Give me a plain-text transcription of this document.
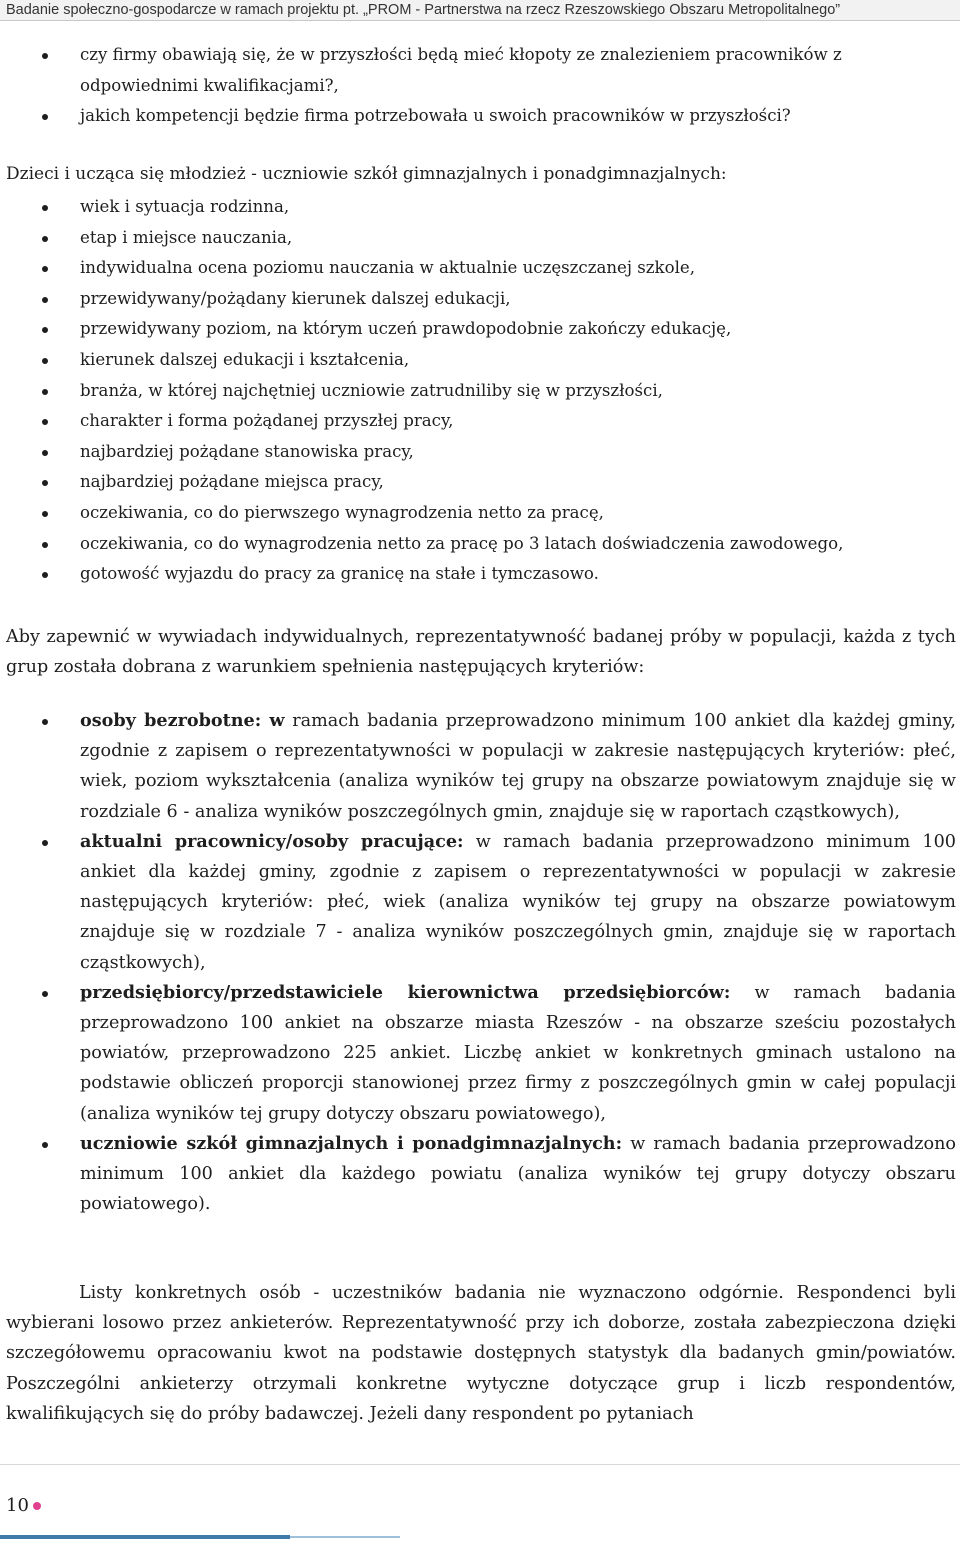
Badanie społeczno-gospodarcze w ramach projektu pt. „PROM - Partnerstwa na rzecz Rzeszowskiego Obszaru Metropolitalnego”
czy firmy obawiają się, że w przyszłości będą mieć kłopoty ze znalezieniem pracowników z odpowiednimi kwalifikacjami?,
jakich kompetencji będzie firma potrzebowała u swoich pracowników w przyszłości?
Dzieci i ucząca się młodzież - uczniowie szkół gimnazjalnych i ponadgimnazjalnych:
wiek i sytuacja rodzinna,
etap i miejsce nauczania,
indywidualna ocena poziomu nauczania w aktualnie uczęszczanej szkole,
przewidywany/pożądany kierunek dalszej edukacji,
przewidywany poziom, na którym uczeń prawdopodobnie zakończy edukację,
kierunek dalszej edukacji i kształcenia,
branża, w której najchętniej uczniowie zatrudniliby się w przyszłości,
charakter i forma pożądanej przyszłej pracy,
najbardziej pożądane stanowiska pracy,
najbardziej pożądane miejsca pracy,
oczekiwania, co do pierwszego wynagrodzenia netto za pracę,
oczekiwania, co do wynagrodzenia netto za pracę po 3 latach doświadczenia zawodowego,
gotowość wyjazdu do pracy za granicę na stałe i tymczasowo.

Aby zapewnić w wywiadach indywidualnych, reprezentatywność badanej próby w populacji, każda z tych grup została dobrana z warunkiem spełnienia następujących kryteriów:

osoby bezrobotne: w ramach badania przeprowadzono minimum 100 ankiet dla każdej gminy, zgodnie z zapisem o reprezentatywności w populacji w zakresie następujących kryteriów: płeć, wiek, poziom wykształcenia (analiza wyników tej grupy na obszarze powiatowym znajduje się w rozdziale 6 - analiza wyników poszczególnych gmin, znajduje się w raportach cząstkowych),
aktualni pracownicy/osoby pracujące: w ramach badania przeprowadzono minimum 100 ankiet dla każdej gminy, zgodnie z zapisem o reprezentatywności w populacji w zakresie następujących kryteriów: płeć, wiek (analiza wyników tej grupy na obszarze powiatowym znajduje się w rozdziale 7 - analiza wyników poszczególnych gmin, znajduje się w raportach cząstkowych),
przedsiębiorcy/przedstawiciele kierownictwa przedsiębiorców: w ramach badania przeprowadzono 100 ankiet na obszarze miasta Rzeszów - na obszarze sześciu pozostałych powiatów, przeprowadzono 225 ankiet. Liczbę ankiet w konkretnych gminach ustalono na podstawie obliczeń proporcji stanowionej przez firmy z poszczególnych gmin w całej populacji (analiza wyników tej grupy dotyczy obszaru powiatowego),
uczniowie szkół gimnazjalnych i ponadgimnazjalnych: w ramach badania przeprowadzono minimum 100 ankiet dla każdego powiatu (analiza wyników tej grupy dotyczy obszaru powiatowego).

Listy konkretnych osób - uczestników badania nie wyznaczono odgórnie. Respondenci byli wybierani losowo przez ankieterów. Reprezentatywność przy ich doborze, została zabezpieczona dzięki szczegółowemu opracowaniu kwot na podstawie dostępnych statystyk dla badanych gmin/powiatów. Poszczególni ankieterzy otrzymali konkretne wytyczne dotyczące grup i liczb respondentów, kwalifikujących się do próby badawczej. Jeżeli dany respondent po pytaniach

10
